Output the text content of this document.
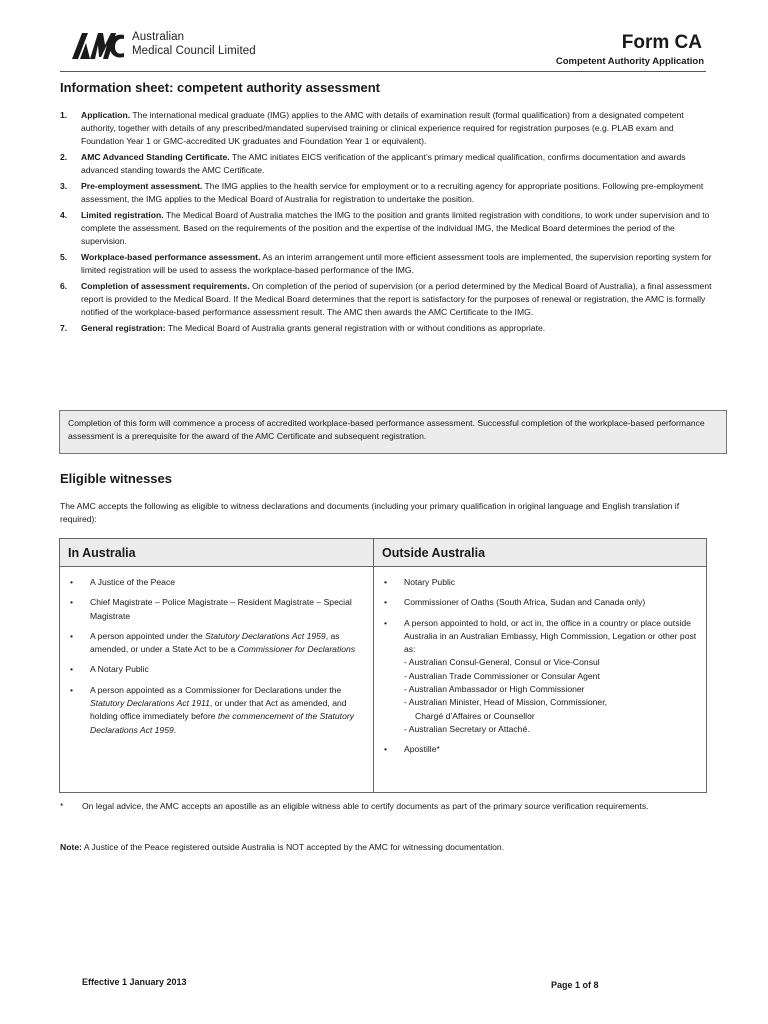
Australian
Medical Council Limited	Form CA
Competent Authority Application
Information sheet: competent authority assessment
1. Application. The international medical graduate (IMG) applies to the AMC with details of examination result (formal qualification) from a designated competent authority, together with details of any prescribed/mandated supervised training or clinical experience required for registration purposes (e.g. PLAB exam and Foundation Year 1 or GMC-accredited UK graduates and Foundation Year 1 or equivalent).
2. AMC Advanced Standing Certificate. The AMC initiates EICS verification of the applicant’s primary medical qualification, confirms documentation and awards advanced standing towards the AMC Certificate.
3. Pre-employment assessment. The IMG applies to the health service for employment or to a recruiting agency for appropriate positions. Following pre-employment assessment, the IMG applies to the Medical Board of Australia for registration to undertake the position.
4. Limited registration. The Medical Board of Australia matches the IMG to the position and grants limited registration with conditions, to work under supervision and to complete the assessment. Based on the requirements of the position and the expertise of the individual IMG, the Medical Board determines the period of the supervision.
5. Workplace-based performance assessment. As an interim arrangement until more efficient assessment tools are implemented, the supervision reporting system for limited registration will be used to assess the workplace-based performance of the IMG.
6. Completion of assessment requirements. On completion of the period of supervision (or a period determined by the Medical Board of Australia), a final assessment report is provided to the Medical Board. If the Medical Board determines that the report is satisfactory for the purposes of renewal or registration, the AMC is formally notified of the workplace-based performance assessment result. The AMC then awards the AMC Certificate to the IMG.
7. General registration: The Medical Board of Australia grants general registration with or without conditions as appropriate.
Completion of this form will commence a process of accredited workplace-based performance assessment. Successful completion of the workplace-based performance assessment is a prerequisite for the award of the AMC Certificate and subsequent registration.
Eligible witnesses
The AMC accepts the following as eligible to witness declarations and documents (including your primary qualification in original language and English translation if required):
In Australia
• A Justice of the Peace
• Chief Magistrate – Police Magistrate – Resident Magistrate – Special Magistrate
• A person appointed under the Statutory Declarations Act 1959, as amended, or under a State Act to be a Commissioner for Declarations
• A Notary Public
• A person appointed as a Commissioner for Declarations under the Statutory Declarations Act 1911, or under that Act as amended, and holding office immediately before the commencement of the Statutory Declarations Act 1959.
Outside Australia
• Notary Public
• Commissioner of Oaths (South Africa, Sudan and Canada only)
• A person appointed to hold, or act in, the office in a country or place outside Australia in an Australian Embassy, High Commission, Legation or other post as:
- Australian Consul-General, Consul or Vice-Consul
- Australian Trade Commissioner or Consular Agent
- Australian Ambassador or High Commissioner
- Australian Minister, Head of Mission, Commissioner,
Chargé d’Affaires or Counsellor
- Australian Secretary or Attaché.
• Apostille*
*	On legal advice, the AMC accepts an apostille as an eligible witness able to certify documents as part of the primary source verification requirements.
Note: A Justice of the Peace registered outside Australia is NOT accepted by the AMC for witnessing documentation.
Effective 1 January 2013	Page 1 of 8
